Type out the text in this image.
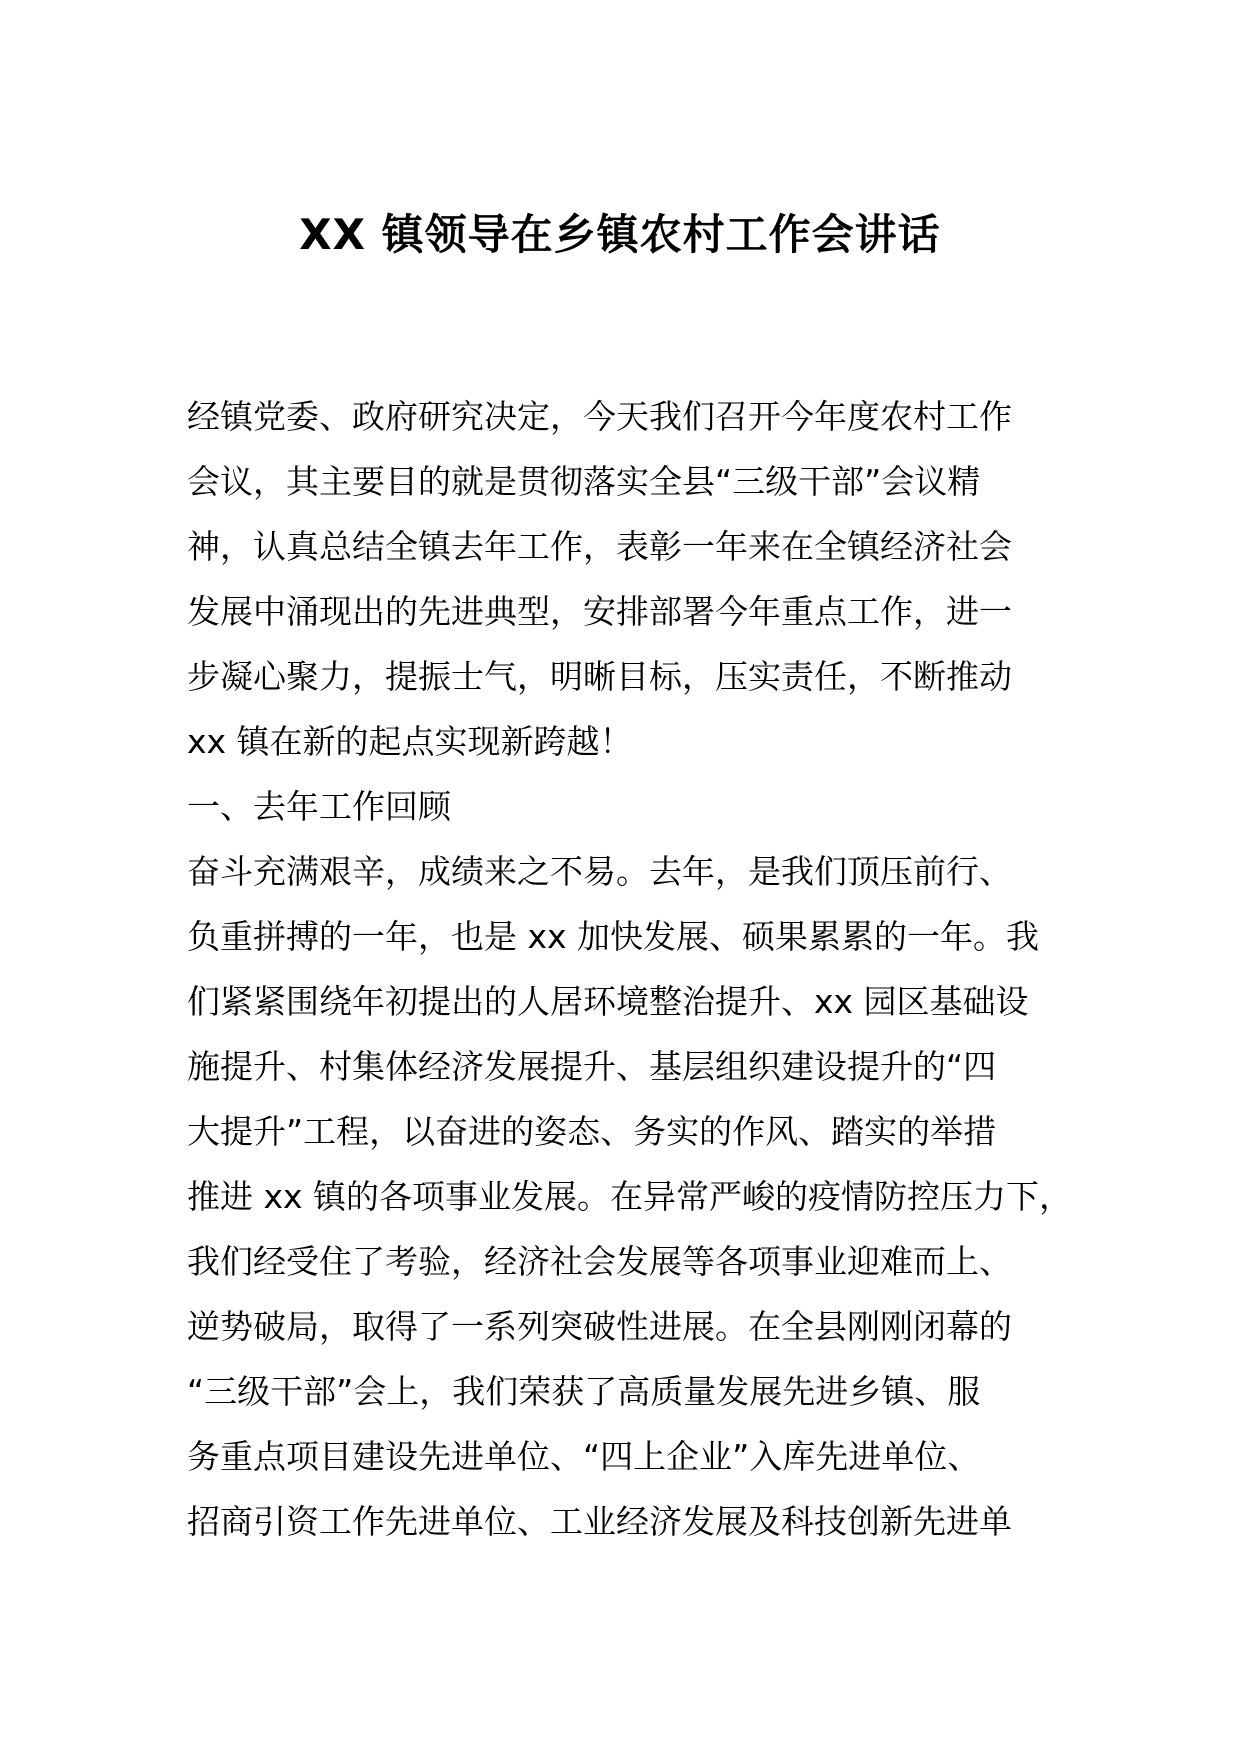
XX 镇领导在乡镇农村工作会讲话

经镇党委、政府研究决定，今天我们召开今年度农村工作

会议，其主要目的就是贯彻落实全县“三级干部”会议精

神，认真总结全镇去年工作，表彰一年来在全镇经济社会

发展中涌现出的先进典型，安排部署今年重点工作，进一

步凝心聚力，提振士气，明晰目标，压实责任，不断推动

xx 镇在新的起点实现新跨越！

一、去年工作回顾

奋斗充满艰辛，成绩来之不易。去年，是我们顶压前行、

负重拼搏的一年，也是 xx 加快发展、硕果累累的一年。我

们紧紧围绕年初提出的人居环境整治提升、xx 园区基础设

施提升、村集体经济发展提升、基层组织建设提升的“四

大提升”工程，以奋进的姿态、务实的作风、踏实的举措

推进 xx 镇的各项事业发展。在异常严峻的疫情防控压力下，

我们经受住了考验，经济社会发展等各项事业迎难而上、

逆势破局，取得了一系列突破性进展。在全县刚刚闭幕的

“三级干部”会上，我们荣获了高质量发展先进乡镇、服

务重点项目建设先进单位、“四上企业”入库先进单位、

招商引资工作先进单位、工业经济发展及科技创新先进单
